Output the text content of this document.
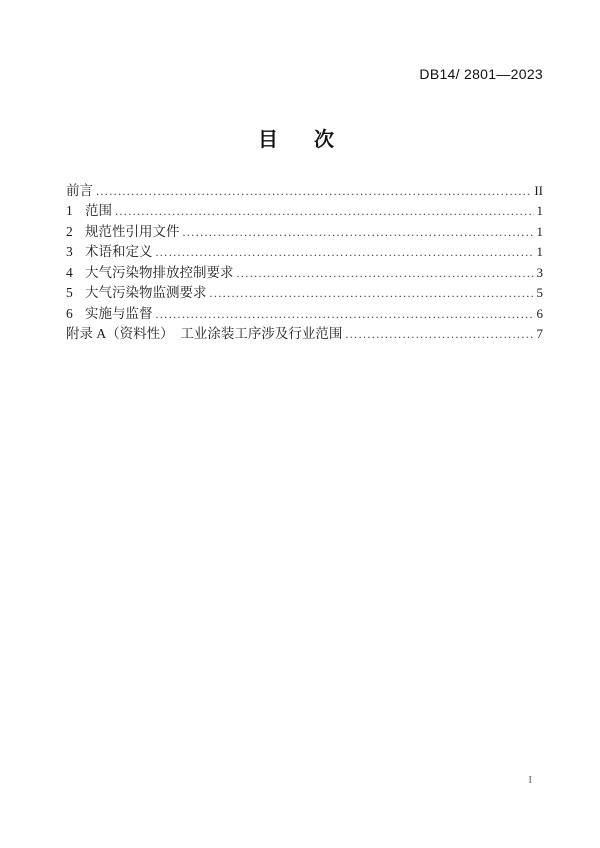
DB14/ 2801—2023
目　次
前言 .....	II
1 范围 .....	1
2 规范性引用文件 .....	1
3 术语和定义 .....	1
4 大气污染物排放控制要求 .....	3
5 大气污染物监测要求 .....	5
6 实施与监督 .....	6
附录 A（资料性）　工业涂装工序涉及行业范围 .....	7
I
